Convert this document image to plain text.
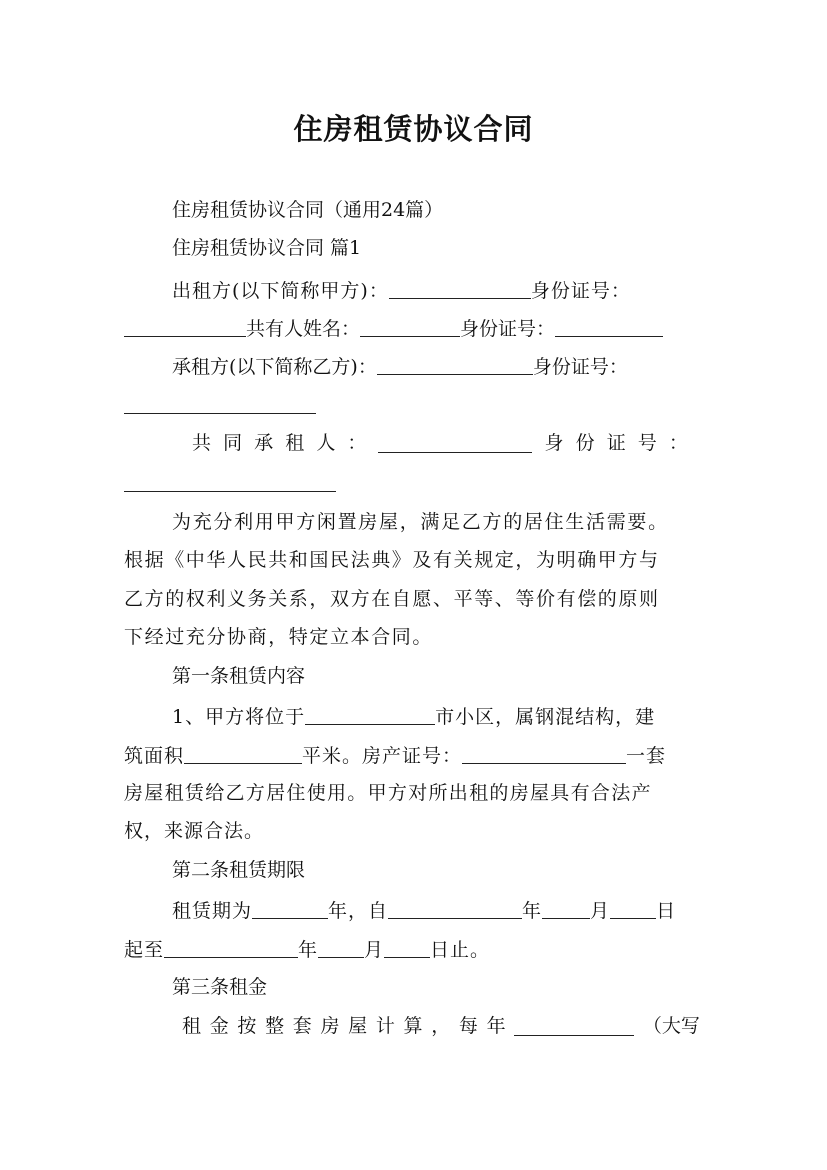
住房租赁协议合同
住房租赁协议合同（通用24篇）
住房租赁协议合同 篇1
出租方(以下简称甲方)：	身份证号：
共有人姓名：	身份证号：
承租方(以下简称乙方)：	身份证号：
共 同 承 租 人 ：	身 份 证 号 ：
为充分利用甲方闲置房屋，满足乙方的居住生活需要。
根据《中华人民共和国民法典》及有关规定，为明确甲方与
乙方的权利义务关系，双方在自愿、平等、等价有偿的原则
下经过充分协商，特定立本合同。
第一条租赁内容
1、甲方将位于	市小区，属钢混结构，建
筑面积	平米。房产证号：	一套
房屋租赁给乙方居住使用。甲方对所出租的房屋具有合法产
权，来源合法。
第二条租赁期限
租赁期为	年，自	年	月 日
起至	年 月 日止。
第三条租金
租 金 按 整 套 房 屋 计 算 ， 每 年	（大写
